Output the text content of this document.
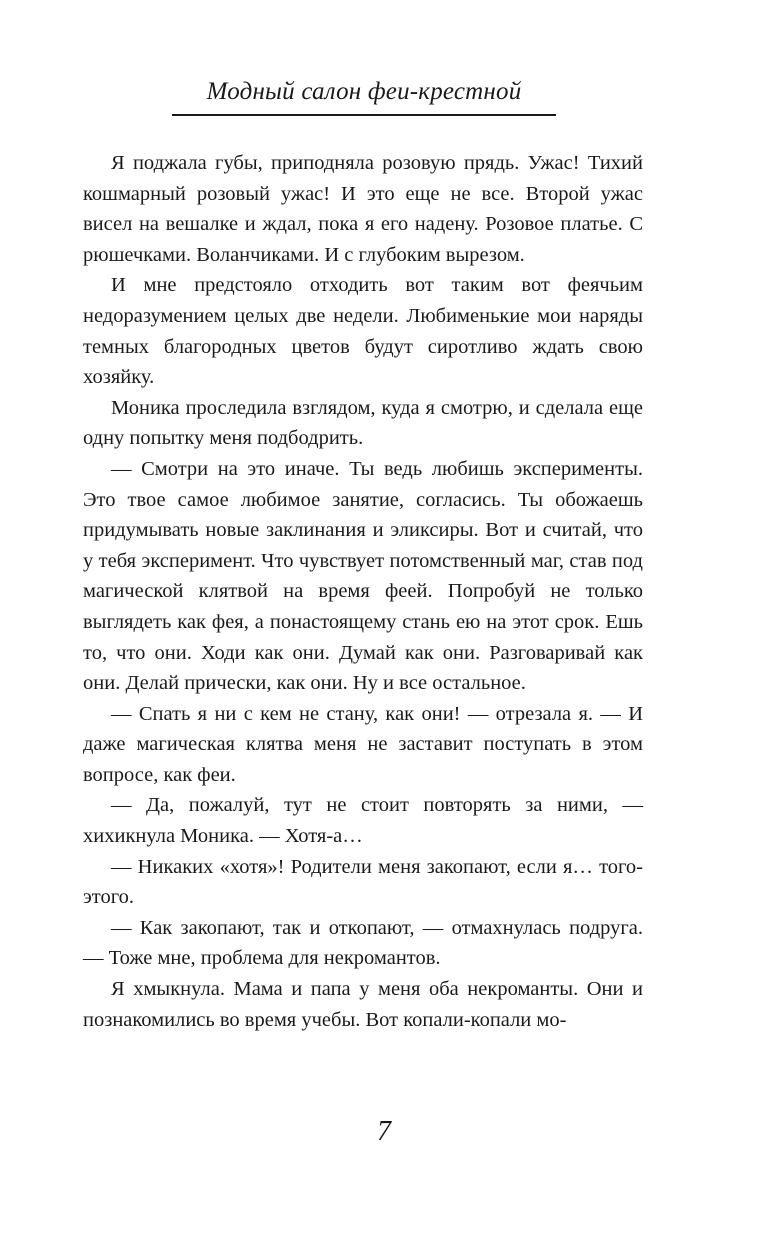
Модный салон феи-крестной

Я поджала губы, приподняла розовую прядь. Ужас! Тихий кошмарный розовый ужас! И это еще не все. Второй ужас висел на вешалке и ждал, пока я его надену. Розовое платье. С рюшечками. Воланчиками. И с глубоким вырезом.

И мне предстояло отходить вот таким вот феячьим недоразумением целых две недели. Любименькие мои наряды темных благородных цветов будут сиротливо ждать свою хозяйку.

Моника проследила взглядом, куда я смотрю, и сделала еще одну попытку меня подбодрить.

— Смотри на это иначе. Ты ведь любишь эксперименты. Это твое самое любимое занятие, согласись. Ты обожаешь придумывать новые заклинания и эликсиры. Вот и считай, что у тебя эксперимент. Что чувствует потомственный маг, став под магической клятвой на время феей. Попробуй не только выглядеть как фея, а понастоящему стань ею на этот срок. Ешь то, что они. Ходи как они. Думай как они. Разговаривай как они. Делай прически, как они. Ну и все остальное.

— Спать я ни с кем не стану, как они! — отрезала я. — И даже магическая клятва меня не заставит поступать в этом вопросе, как феи.

— Да, пожалуй, тут не стоит повторять за ними, — хихикнула Моника. — Хотя-а…

— Никаких «хотя»! Родители меня закопают, если я… того-этого.

— Как закопают, так и откопают, — отмахнулась подруга. — Тоже мне, проблема для некромантов.

Я хмыкнула. Мама и папа у меня оба некроманты. Они и познакомились во время учебы. Вот копали-копали мо-

7
